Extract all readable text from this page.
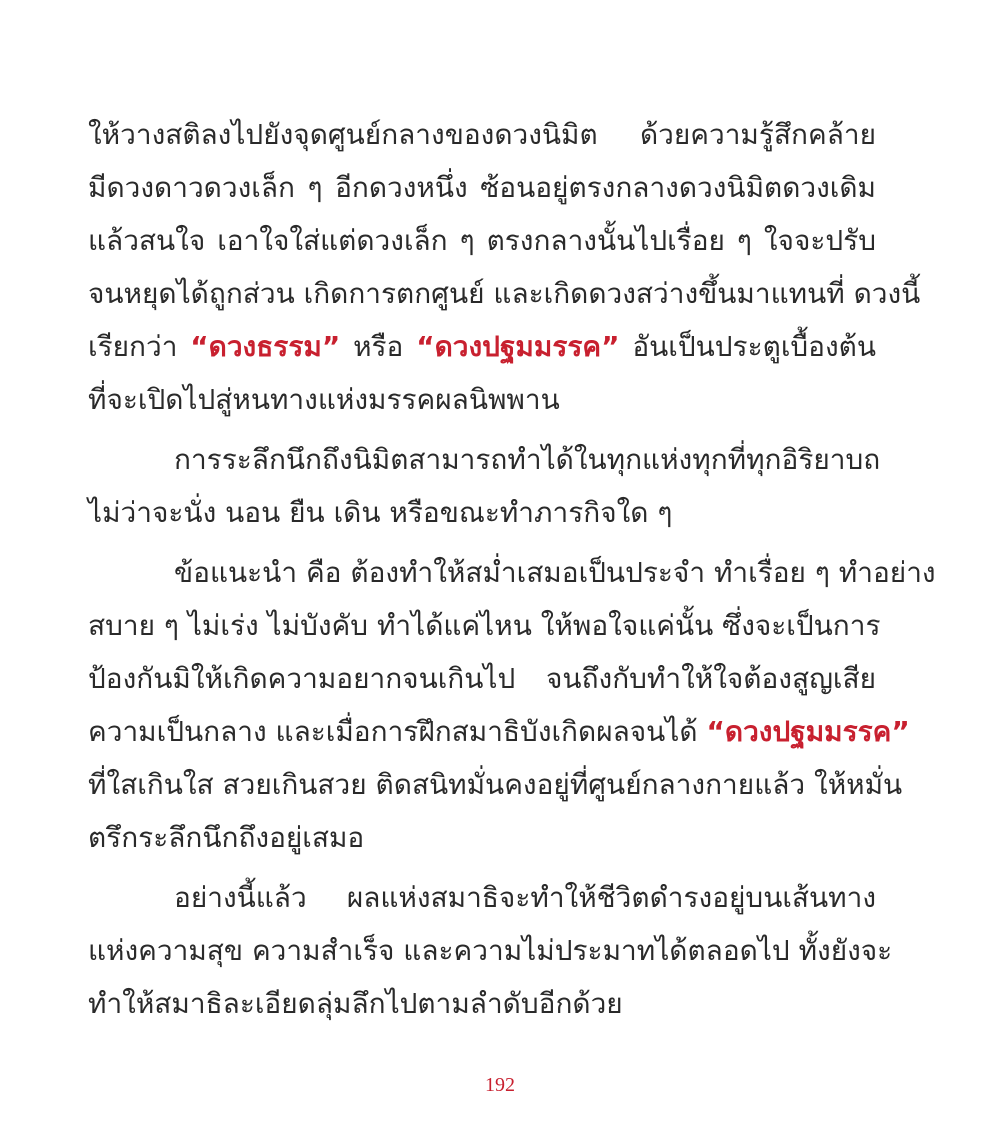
ให้วางสติลงไปยังจุดศูนย์กลางของดวงนิมิต ด้วยความรู้สึกคล้าย
มีดวงดาวดวงเล็ก ๆ อีกดวงหนึ่ง ซ้อนอยู่ตรงกลางดวงนิมิตดวงเดิม
แล้วสนใจ เอาใจใส่แต่ดวงเล็ก ๆ ตรงกลางนั้นไปเรื่อย ๆ ใจจะปรับ
จนหยุดได้ถูกส่วน เกิดการตกศูนย์ และเกิดดวงสว่างขึ้นมาแทนที่ ดวงนี้
เรียกว่า “ดวงธรรม” หรือ “ดวงปฐมมรรค” อันเป็นประตูเบื้องต้น
ที่จะเปิดไปสู่หนทางแห่งมรรคผลนิพพาน
การระลึกนึกถึงนิมิตสามารถทำได้ในทุกแห่งทุกที่ทุกอิริยาบถ
ไม่ว่าจะนั่ง นอน ยืน เดิน หรือขณะทำภารกิจใด ๆ
ข้อแนะนำ คือ ต้องทำให้สม่ำเสมอเป็นประจำ ทำเรื่อย ๆ ทำอย่าง
สบาย ๆ ไม่เร่ง ไม่บังคับ ทำได้แค่ไหน ให้พอใจแค่นั้น ซึ่งจะเป็นการ
ป้องกันมิให้เกิดความอยากจนเกินไป จนถึงกับทำให้ใจต้องสูญเสีย
ความเป็นกลาง และเมื่อการฝึกสมาธิบังเกิดผลจนได้ “ดวงปฐมมรรค”
ที่ใสเกินใส สวยเกินสวย ติดสนิทมั่นคงอยู่ที่ศูนย์กลางกายแล้ว ให้หมั่น
ตรึกระลึกนึกถึงอยู่เสมอ
อย่างนี้แล้ว ผลแห่งสมาธิจะทำให้ชีวิตดำรงอยู่บนเส้นทาง
แห่งความสุข ความสำเร็จ และความไม่ประมาทได้ตลอดไป ทั้งยังจะ
ทำให้สมาธิละเอียดลุ่มลึกไปตามลำดับอีกด้วย
192
